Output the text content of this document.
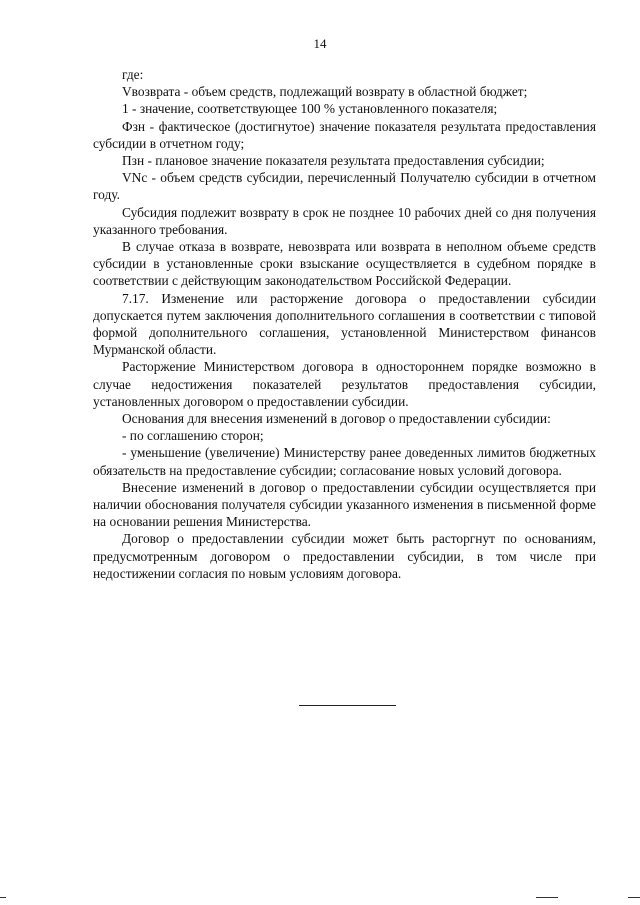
14

где:

Vвозврата - объем средств, подлежащий возврату в областной бюджет;

1 - значение, соответствующее 100 % установленного показателя;

Фзн - фактическое (достигнутое) значение показателя результата предоставления субсидии в отчетном году;

Пзн - плановое значение показателя результата предоставления субсидии;

VNc - объем средств субсидии, перечисленный Получателю субсидии в отчетном году.

Субсидия подлежит возврату в срок не позднее 10 рабочих дней со дня получения указанного требования.

В случае отказа в возврате, невозврата или возврата в неполном объеме средств субсидии в установленные сроки взыскание осуществляется в судебном порядке в соответствии с действующим законодательством Российской Федерации.

7.17. Изменение или расторжение договора о предоставлении субсидии допускается путем заключения дополнительного соглашения в соответствии с типовой формой дополнительного соглашения, установленной Министерством финансов Мурманской области.

Расторжение Министерством договора в одностороннем порядке возможно в случае недостижения показателей результатов предоставления субсидии, установленных договором о предоставлении субсидии.

Основания для внесения изменений в договор о предоставлении субсидии:

- по соглашению сторон;

- уменьшение (увеличение) Министерству ранее доведенных лимитов бюджетных обязательств на предоставление субсидии; согласование новых условий договора.

Внесение изменений в договор о предоставлении субсидии осуществляется при наличии обоснования получателя субсидии указанного изменения в письменной форме на основании решения Министерства.

Договор о предоставлении субсидии может быть расторгнут по основаниям, предусмотренным договором о предоставлении субсидии, в том числе при недостижении согласия по новым условиям договора.
